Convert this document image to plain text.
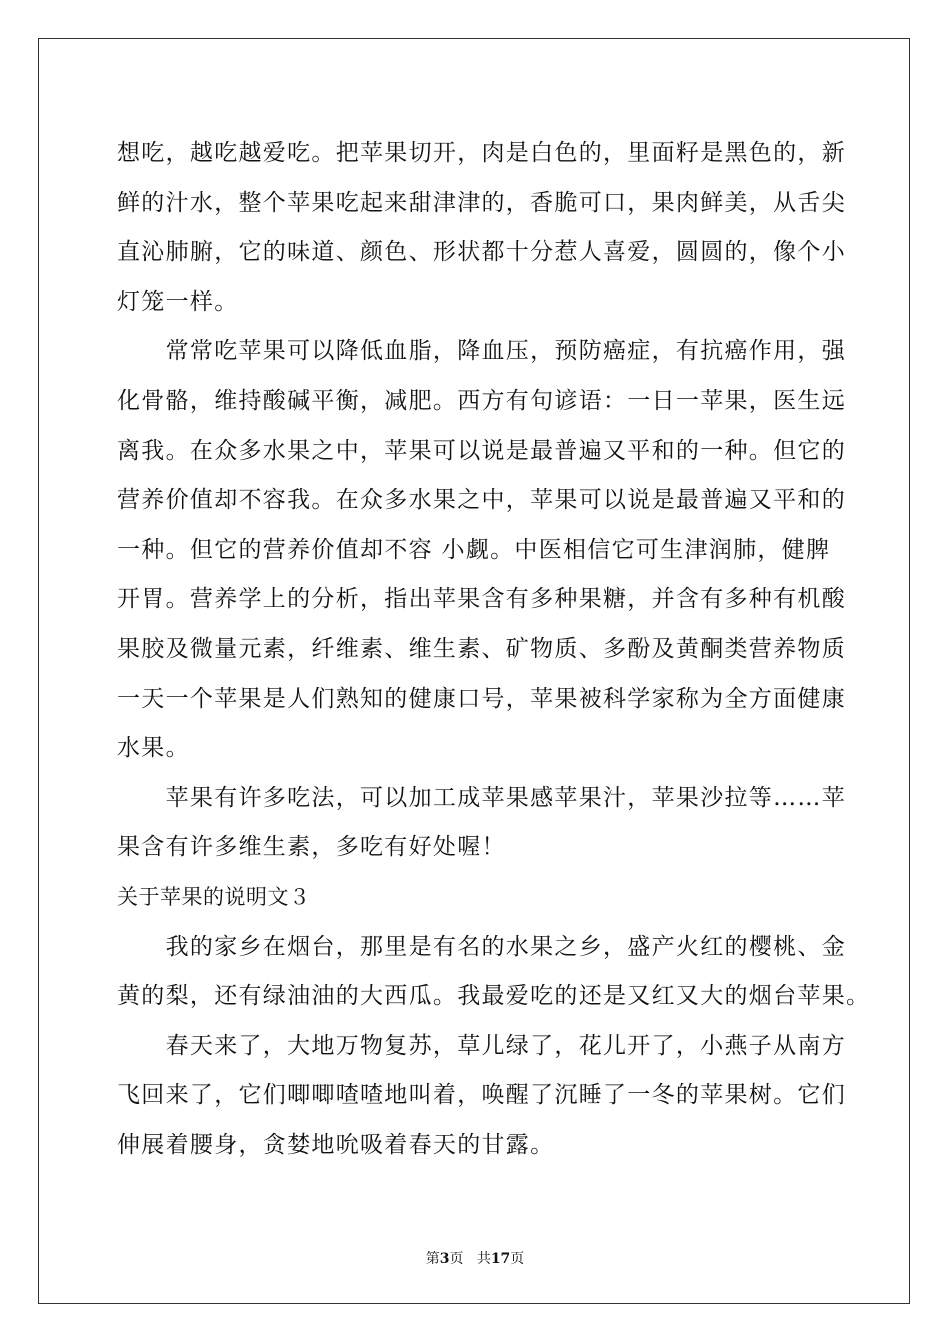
想吃，越吃越爱吃。把苹果切开，肉是白色的，里面籽是黑色的，新
鲜的汁水，整个苹果吃起来甜津津的，香脆可口，果肉鲜美，从舌尖
直沁肺腑，它的味道、颜色、形状都十分惹人喜爱，圆圆的，像个小
灯笼一样。
　　常常吃苹果可以降低血脂，降血压，预防癌症，有抗癌作用，强
化骨骼，维持酸碱平衡，减肥。西方有句谚语：一日一苹果，医生远
离我。在众多水果之中，苹果可以说是最普遍又平和的一种。但它的
营养价值却不容我。在众多水果之中，苹果可以说是最普遍又平和的
一种。但它的营养价值却不容 小觑。中医相信它可生津润肺，健脾
开胃。营养学上的分析，指出苹果含有多种果糖，并含有多种有机酸
果胶及微量元素，纤维素、维生素、矿物质、多酚及黄酮类营养物质
一天一个苹果是人们熟知的健康口号，苹果被科学家称为全方面健康
水果。
　　苹果有许多吃法，可以加工成苹果感苹果汁，苹果沙拉等……苹
果含有许多维生素，多吃有好处喔！
关于苹果的说明文３
　　我的家乡在烟台，那里是有名的水果之乡，盛产火红的樱桃、金
黄的梨，还有绿油油的大西瓜。我最爱吃的还是又红又大的烟台苹果。
　　春天来了，大地万物复苏，草儿绿了，花儿开了，小燕子从南方
飞回来了，它们唧唧喳喳地叫着，唤醒了沉睡了一冬的苹果树。它们
伸展着腰身，贪婪地吮吸着春天的甘露。
第3页 共17页
